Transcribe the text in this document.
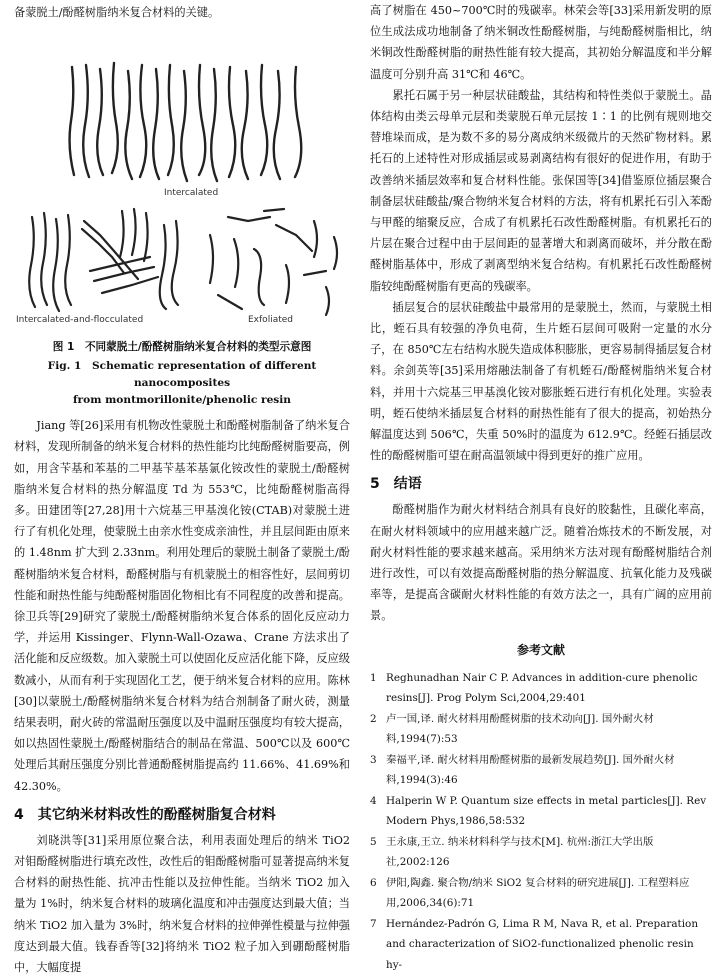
备蒙脱土/酚醛树脂纳米复合材料的关键。

Intercalated
Intercalated-and-flocculated	Exfoliated
图 1　不同蒙脱土/酚醛树脂纳米复合材料的类型示意图
Fig. 1　Schematic representation of different nanocomposites
from montmorillonite/phenolic resin

Jiang 等[26]采用有机物改性蒙脱土和酚醛树脂制备了纳米复合材料，发现所制备的纳米复合材料的热性能均比纯酚醛树脂要高，例如，用含苄基和苯基的二甲基苄基苯基氯化铵改性的蒙脱土/酚醛树脂纳米复合材料的热分解温度 Td 为 553℃，比纯酚醛树脂高得多。田建团等[27,28]用十六烷基三甲基溴化铵(CTAB)对蒙脱土进行了有机化处理，使蒙脱土由亲水性变成亲油性，并且层间距由原来的 1.48nm 扩大到 2.33nm。利用处理后的蒙脱土制备了蒙脱土/酚醛树脂纳米复合材料，酚醛树脂与有机蒙脱土的相容性好，层间剪切性能和耐热性能与纯酚醛树脂固化物相比有不同程度的改善和提高。徐卫兵等[29]研究了蒙脱土/酚醛树脂纳米复合体系的固化反应动力学，并运用 Kissinger、Flynn-Wall-Ozawa、Crane 方法求出了活化能和反应级数。加入蒙脱土可以使固化反应活化能下降，反应级数减小，从而有利于实现固化工艺，便于纳米复合材料的应用。陈林[30]以蒙脱土/酚醛树脂纳米复合材料为结合剂制备了耐火砖，测量结果表明，耐火砖的常温耐压强度以及中温耐压强度均有较大提高，如以热固性蒙脱土/酚醛树脂结合的制品在常温、500℃以及 600℃处理后其耐压强度分别比普通酚醛树脂提高约 11.66%、41.69%和 42.30%。

4　其它纳米材料改性的酚醛树脂复合材料

刘晓洪等[31]采用原位聚合法，利用表面处理后的纳米 TiO2 对钼酚醛树脂进行填充改性，改性后的钼酚醛树脂可显著提高纳米复合材料的耐热性能、抗冲击性能以及拉伸性能。当纳米 TiO2 加入量为 1%时，纳米复合材料的玻璃化温度和冲击强度达到最大值；当纳米 TiO2 加入量为 3%时，纳米复合材料的拉伸弹性模量与拉伸强度达到最大值。钱春香等[32]将纳米 TiO2 粒子加入到硼酚醛树脂中，大幅度提

高了树脂在 450~700℃时的残碳率。林荣会等[33]采用新发明的原位生成法成功地制备了纳米铜改性酚醛树脂，与纯酚醛树脂相比，纳米铜改性酚醛树脂的耐热性能有较大提高，其初始分解温度和半分解温度可分别升高 31℃和 46℃。

累托石属于另一种层状硅酸盐，其结构和特性类似于蒙脱土。晶体结构由类云母单元层和类蒙脱石单元层按 1∶1 的比例有规则地交替堆垛而成，是为数不多的易分离成纳米级微片的天然矿物材料。累托石的上述特性对形成插层或易剥离结构有很好的促进作用，有助于改善纳米插层效率和复合材料性能。张保国等[34]借鉴原位插层聚合制备层状硅酸盐/聚合物纳米复合材料的方法，将有机累托石引入苯酚与甲醛的缩聚反应，合成了有机累托石改性酚醛树脂。有机累托石的片层在聚合过程中由于层间距的显著增大和剥离而破坏，并分散在酚醛树脂基体中，形成了剥离型纳米复合结构。有机累托石改性酚醛树脂较纯酚醛树脂有更高的残碳率。

插层复合的层状硅酸盐中最常用的是蒙脱土，然而，与蒙脱土相比，蛭石具有较强的净负电荷，生片蛭石层间可吸附一定量的水分子，在 850℃左右结构水脱失造成体积膨胀，更容易制得插层复合材料。余剑英等[35]采用熔融法制备了有机蛭石/酚醛树脂纳米复合材料，并用十六烷基三甲基溴化铵对膨胀蛭石进行有机化处理。实验表明，蛭石使纳米插层复合材料的耐热性能有了很大的提高，初始热分解温度达到 506℃，失重 50%时的温度为 612.9℃。经蛭石插层改性的酚醛树脂可望在耐高温领域中得到更好的推广应用。

5　结语

酚醛树脂作为耐火材料结合剂具有良好的胶黏性，且碳化率高，在耐火材料领域中的应用越来越广泛。随着冶炼技术的不断发展，对耐火材料性能的要求越来越高。采用纳米方法对现有酚醛树脂结合剂进行改性，可以有效提高酚醛树脂的热分解温度、抗氧化能力及残碳率等，是提高含碳耐火材料性能的有效方法之一，具有广阔的应用前景。

参考文献
1 Reghunadhan Nair C P. Advances in addition-cure phenolic resins[J]. Prog Polym Sci,2004,29:401
2 卢一国,译. 耐火材料用酚醛树脂的技术动向[J]. 国外耐火材料,1994(7):53
3 秦福平,译. 耐火材料用酚醛树脂的最新发展趋势[J]. 国外耐火材料,1994(3):46
4 Halperin W P. Quantum size effects in metal particles[J]. Rev Modern Phys,1986,58:532
5 王永康,王立. 纳米材料科学与技术[M]. 杭州:浙江大学出版社,2002:126
6 伊阳,陶鑫. 聚合物/纳米 SiO2 复合材料的研究进展[J]. 工程塑料应用,2006,34(6):71
7 Hernández-Padrón G, Lima R M, Nava R, et al. Preparation and characterization of SiO2-functionalized phenolic resin hy-
